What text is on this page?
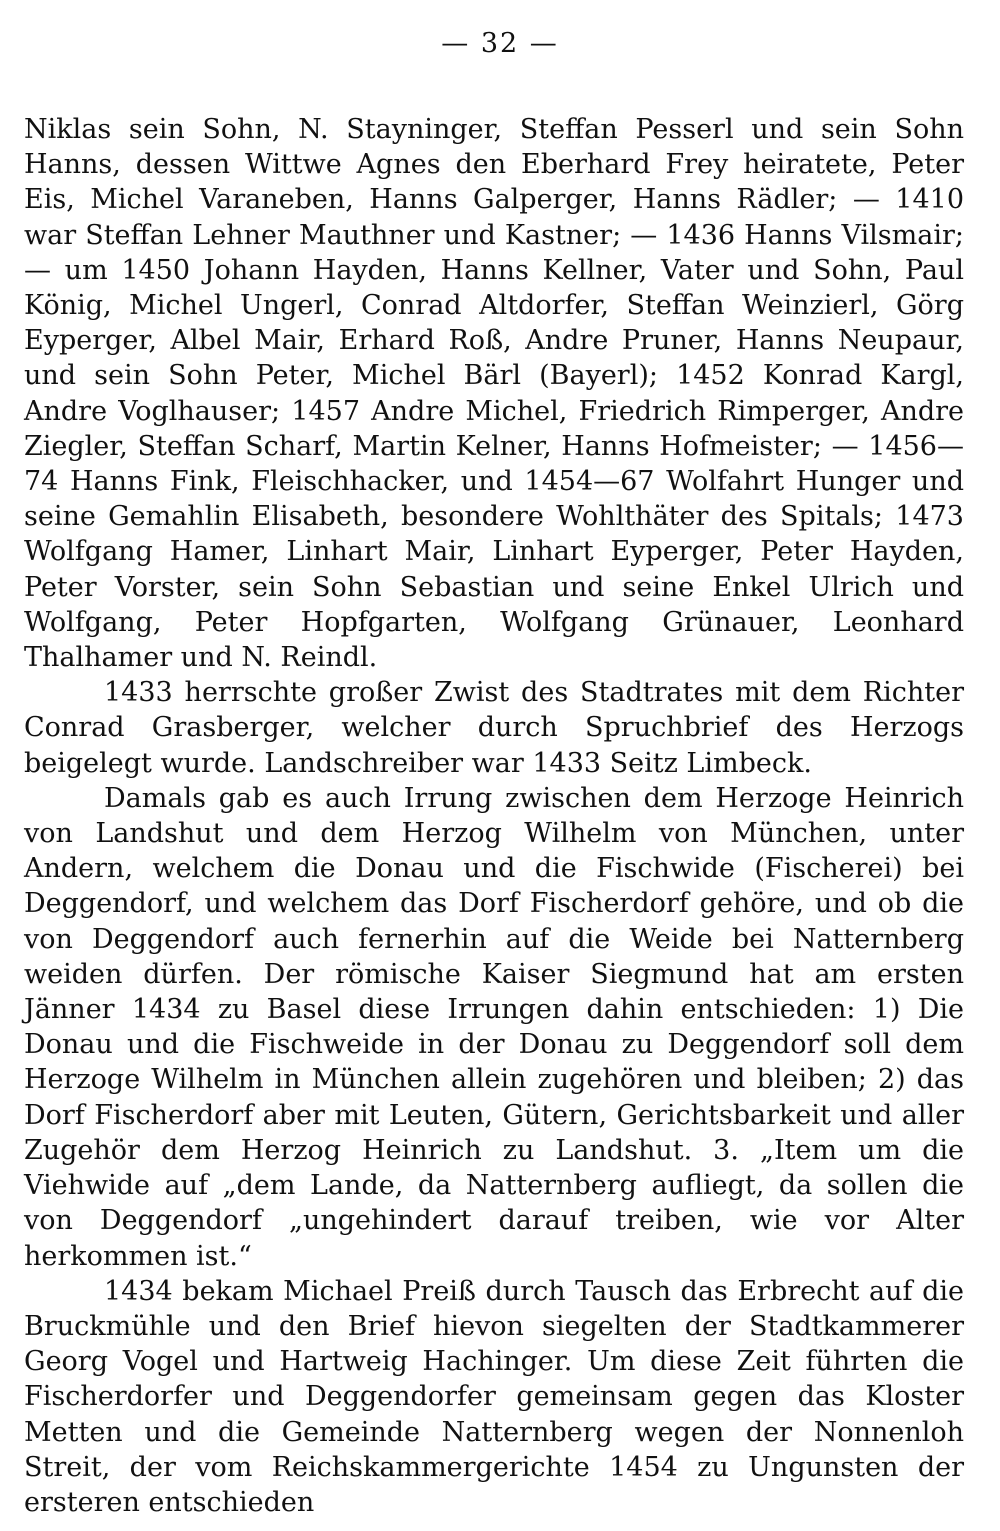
— 32 —

Niklas sein Sohn, N. Stayninger, Steffan Pesserl und sein Sohn Hanns, dessen Wittwe Agnes den Eberhard Frey heiratete, Peter Eis, Michel Varaneben, Hanns Galperger, Hanns Rädler; — 1410 war Steffan Lehner Mauthner und Kastner; — 1436 Hanns Vilsmair; — um 1450 Johann Hayden, Hanns Kellner, Vater und Sohn, Paul König, Michel Ungerl, Conrad Altdorfer, Steffan Weinzierl, Görg Eyperger, Albel Mair, Erhard Roß, Andre Pruner, Hanns Neupaur, und sein Sohn Peter, Michel Bärl (Bayerl); 1452 Konrad Kargl, Andre Voglhauser; 1457 Andre Michel, Friedrich Rimperger, Andre Ziegler, Steffan Scharf, Martin Kelner, Hanns Hofmeister; — 1456—74 Hanns Fink, Fleischhacker, und 1454—67 Wolfahrt Hunger und seine Gemahlin Elisabeth, besondere Wohlthäter des Spitals; 1473 Wolfgang Hamer, Linhart Mair, Linhart Eyperger, Peter Hayden, Peter Vorster, sein Sohn Sebastian und seine Enkel Ulrich und Wolfgang, Peter Hopfgarten, Wolfgang Grünauer, Leonhard Thalhamer und N. Reindl.

1433 herrschte großer Zwist des Stadtrates mit dem Richter Conrad Grasberger, welcher durch Spruchbrief des Herzogs beigelegt wurde. Landschreiber war 1433 Seitz Limbeck.

Damals gab es auch Irrung zwischen dem Herzoge Heinrich von Landshut und dem Herzog Wilhelm von München, unter Andern, welchem die Donau und die Fischwide (Fischerei) bei Deggendorf, und welchem das Dorf Fischerdorf gehöre, und ob die von Deggendorf auch fernerhin auf die Weide bei Natternberg weiden dürfen. Der römische Kaiser Siegmund hat am ersten Jänner 1434 zu Basel diese Irrungen dahin entschieden: 1) Die Donau und die Fischweide in der Donau zu Deggendorf soll dem Herzoge Wilhelm in München allein zugehören und bleiben; 2) das Dorf Fischerdorf aber mit Leuten, Gütern, Gerichtsbarkeit und aller Zugehör dem Herzog Heinrich zu Landshut. 3. „Item um die Viehwide auf „dem Lande, da Natternberg aufliegt, da sollen die von Deggendorf „ungehindert darauf treiben, wie vor Alter herkommen ist.“

1434 bekam Michael Preiß durch Tausch das Erbrecht auf die Bruckmühle und den Brief hievon siegelten der Stadtkammerer Georg Vogel und Hartweig Hachinger. Um diese Zeit führten die Fischerdorfer und Deggendorfer gemeinsam gegen das Kloster Metten und die Gemeinde Natternberg wegen der Nonnenloh Streit, der vom Reichskammergerichte 1454 zu Ungunsten der ersteren entschieden
